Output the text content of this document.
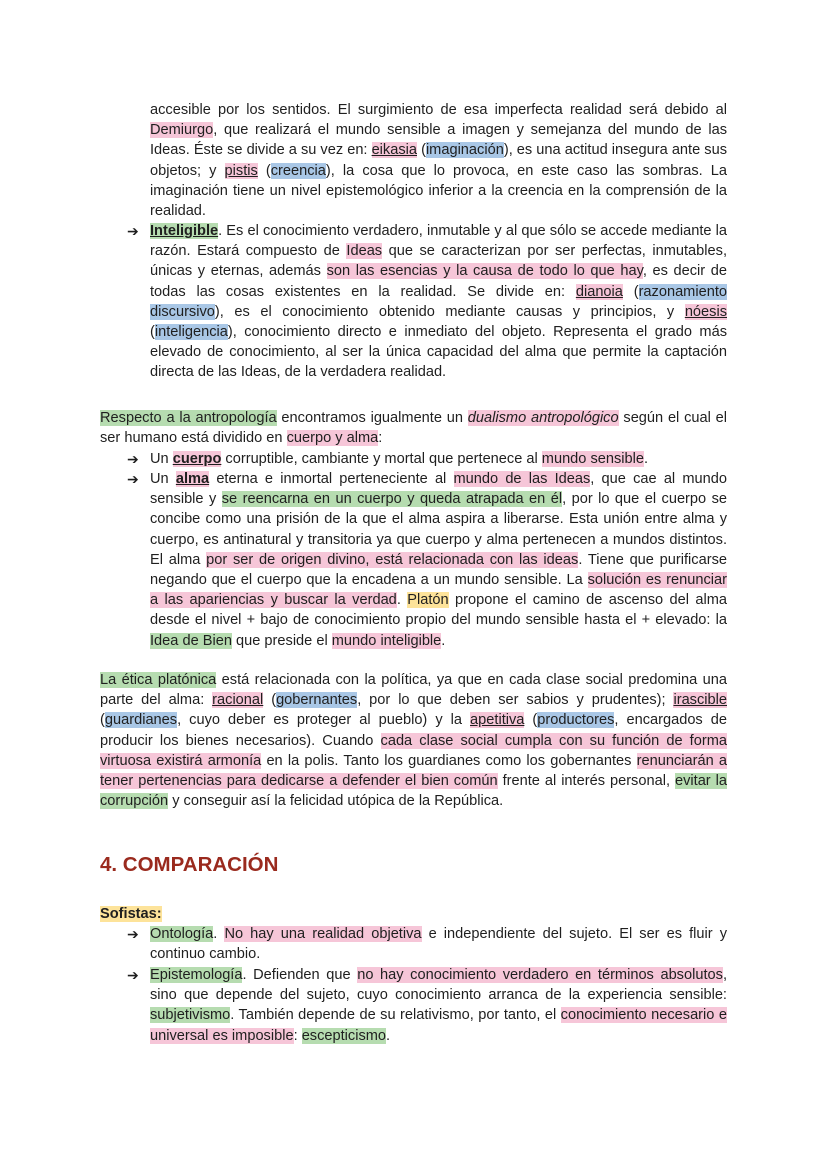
accesible por los sentidos. El surgimiento de esa imperfecta realidad será debido al Demiurgo, que realizará el mundo sensible a imagen y semejanza del mundo de las Ideas. Éste se divide a su vez en: eikasia (imaginación), es una actitud insegura ante sus objetos; y pistis (creencia), la cosa que lo provoca, en este caso las sombras. La imaginación tiene un nivel epistemológico inferior a la creencia en la comprensión de la realidad.

➔ Inteligible. Es el conocimiento verdadero, inmutable y al que sólo se accede mediante la razón. Estará compuesto de Ideas que se caracterizan por ser perfectas, inmutables, únicas y eternas, además son las esencias y la causa de todo lo que hay, es decir de todas las cosas existentes en la realidad. Se divide en: dianoia (razonamiento discursivo), es el conocimiento obtenido mediante causas y principios, y nóesis (inteligencia), conocimiento directo e inmediato del objeto. Representa el grado más elevado de conocimiento, al ser la única capacidad del alma que permite la captación directa de las Ideas, de la verdadera realidad.

Respecto a la antropología encontramos igualmente un dualismo antropológico según el cual el ser humano está dividido en cuerpo y alma:

➔ Un cuerpo corruptible, cambiante y mortal que pertenece al mundo sensible.

➔ Un alma eterna e inmortal perteneciente al mundo de las Ideas, que cae al mundo sensible y se reencarna en un cuerpo y queda atrapada en él, por lo que el cuerpo se concibe como una prisión de la que el alma aspira a liberarse. Esta unión entre alma y cuerpo, es antinatural y transitoria ya que cuerpo y alma pertenecen a mundos distintos. El alma por ser de origen divino, está relacionada con las ideas. Tiene que purificarse negando que el cuerpo que la encadena a un mundo sensible. La solución es renunciar a las apariencias y buscar la verdad. Platón propone el camino de ascenso del alma desde el nivel + bajo de conocimiento propio del mundo sensible hasta el + elevado: la Idea de Bien que preside el mundo inteligible.

La ética platónica está relacionada con la política, ya que en cada clase social predomina una parte del alma: racional (gobernantes, por lo que deben ser sabios y prudentes); irascible (guardianes, cuyo deber es proteger al pueblo) y la apetitiva (productores, encargados de producir los bienes necesarios). Cuando cada clase social cumpla con su función de forma virtuosa existirá armonía en la polis. Tanto los guardianes como los gobernantes renunciarán a tener pertenencias para dedicarse a defender el bien común frente al interés personal, evitar la corrupción y conseguir así la felicidad utópica de la República.

4. COMPARACIÓN
Sofistas:
➔ Ontología. No hay una realidad objetiva e independiente del sujeto. El ser es fluir y continuo cambio.

➔ Epistemología. Defienden que no hay conocimiento verdadero en términos absolutos, sino que depende del sujeto, cuyo conocimiento arranca de la experiencia sensible: subjetivismo. También depende de su relativismo, por tanto, el conocimiento necesario e universal es imposible: escepticismo.
